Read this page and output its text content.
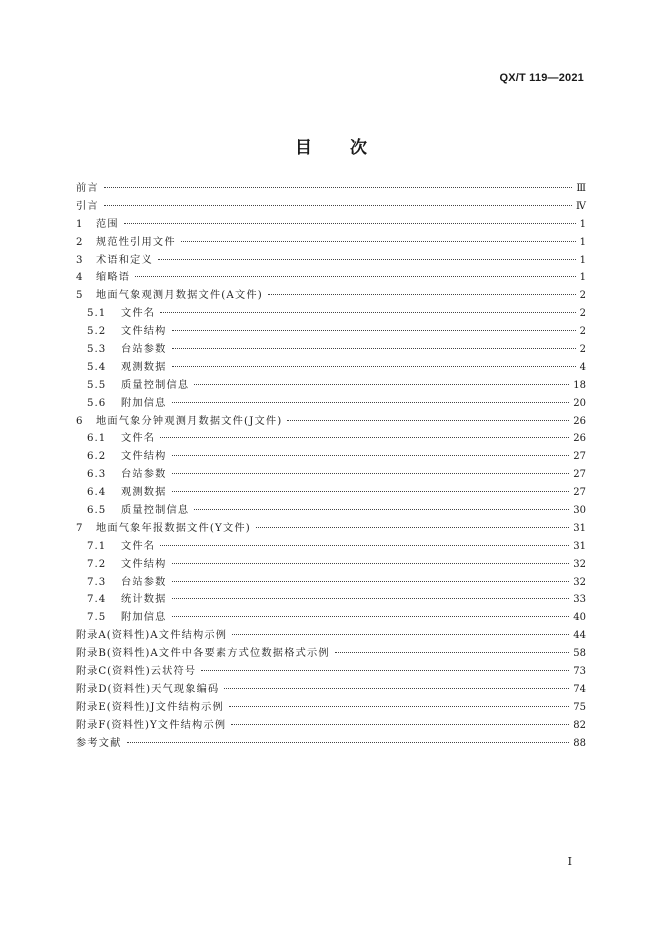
QX/T 119—2021
目次
前言	Ⅲ
引言	Ⅳ
1	范围	1
2	规范性引用文件	1
3	术语和定义	1
4	缩略语	1
5	地面气象观测月数据文件(A文件)	2
5.1	文件名	2
5.2	文件结构	2
5.3	台站参数	2
5.4	观测数据	4
5.5	质量控制信息	18
5.6	附加信息	20
6	地面气象分钟观测月数据文件(J文件)	26
6.1	文件名	26
6.2	文件结构	27
6.3	台站参数	27
6.4	观测数据	27
6.5	质量控制信息	30
7	地面气象年报数据文件(Y文件)	31
7.1	文件名	31
7.2	文件结构	32
7.3	台站参数	32
7.4	统计数据	33
7.5	附加信息	40
附录A(资料性) A文件结构示例	44
附录B(资料性) A文件中各要素方式位数据格式示例	58
附录C(资料性) 云状符号	73
附录D(资料性) 天气现象编码	74
附录E(资料性) J文件结构示例	75
附录F(资料性) Y文件结构示例	82
参考文献	88
I
